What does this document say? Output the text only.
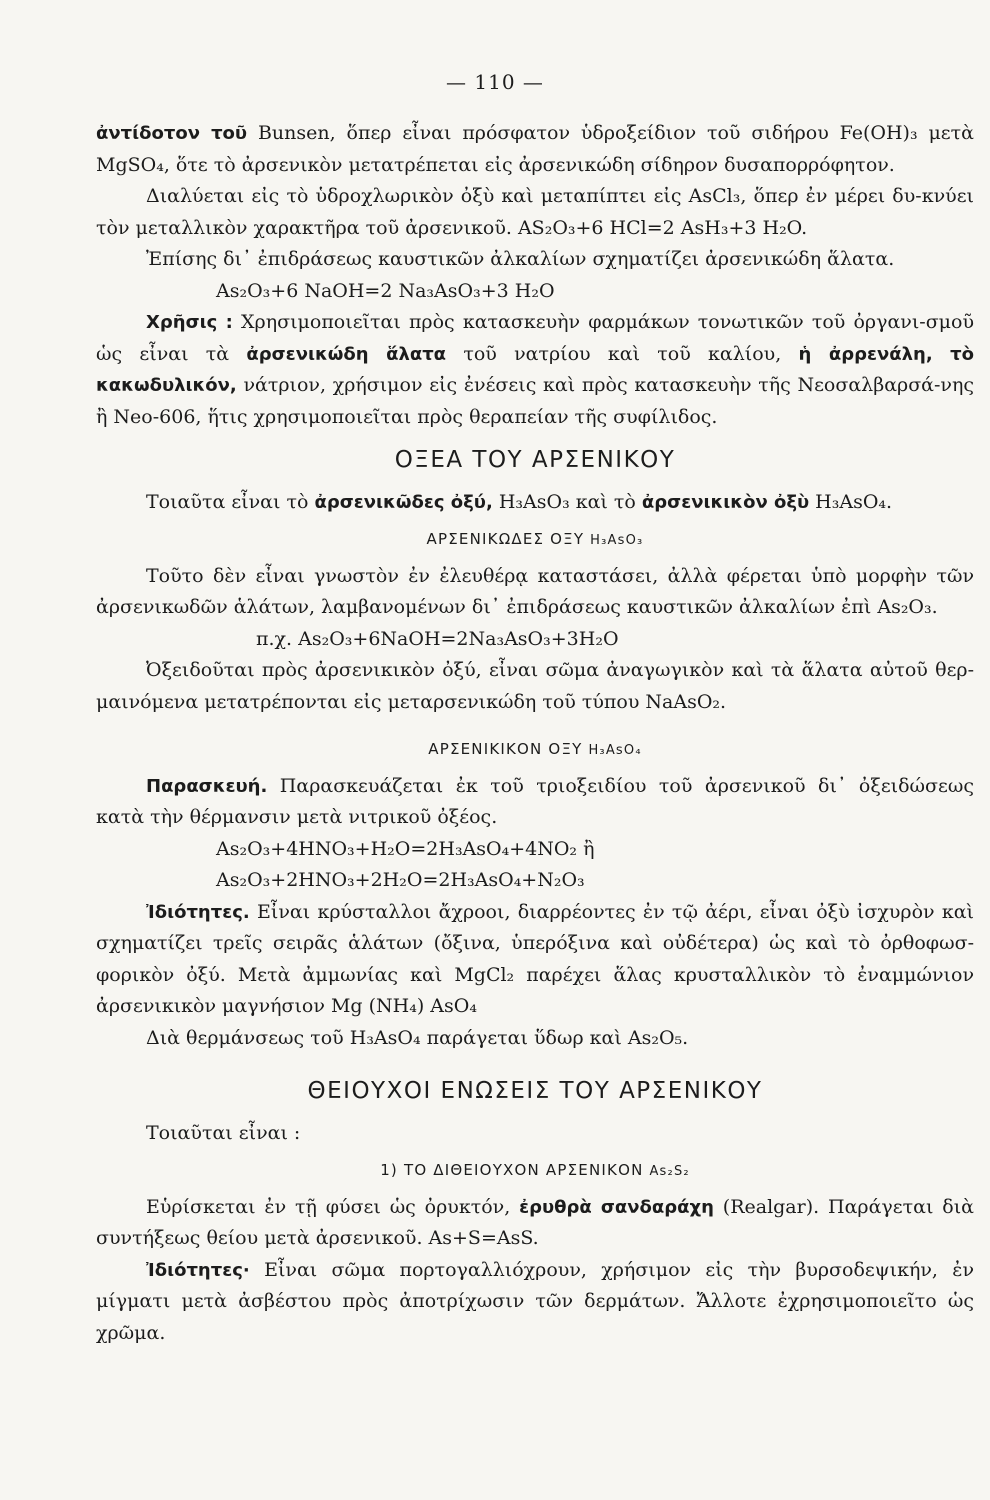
— 110 —

ἀντίδοτον τοῦ Bunsen, ὅπερ εἶναι πρόσφατον ὑδροξείδιον τοῦ σιδήρου Fe(OH)₃ μετὰ MgSO₄, ὅτε τὸ ἀρσενικὸν μετατρέπεται εἰς ἀρσενικώδη σίδηρον δυσαπορρόφητον.

Διαλύεται εἰς τὸ ὑδροχλωρικὸν ὀξὺ καὶ μεταπίπτει εἰς AsCl₃, ὅπερ ἐν μέρει δυ-κνύει τὸν μεταλλικὸν χαρακτῆρα τοῦ ἀρσενικοῦ. AS₂O₃+6 HCl=2 AsH₃+3 H₂O.

Ἐπίσης δι᾽ ἐπιδράσεως καυστικῶν ἀλκαλίων σχηματίζει ἀρσενικώδη ἅλατα.

As₂O₃+6 NaOH=2 Na₃AsO₃+3 H₂O

Χρῆσις : Χρησιμοποιεῖται πρὸς κατασκευὴν φαρμάκων τονωτικῶν τοῦ ὀργανι-σμοῦ ὡς εἶναι τὰ ἀρσενικώδη ἅλατα τοῦ νατρίου καὶ τοῦ καλίου, ἡ ἀρρενάλη, τὸ κακωδυλικόν, νάτριον, χρήσιμον εἰς ἐνέσεις καὶ πρὸς κατασκευὴν τῆς Νεοσαλβαρσά-νης ἢ Neo-606, ἥτις χρησιμοποιεῖται πρὸς θεραπείαν τῆς συφίλιδος.

ΟΞΕΑ ΤΟΥ ΑΡΣΕΝΙΚΟΥ

Τοιαῦτα εἶναι τὸ ἀρσενικῶδες ὀξύ, H₃AsO₃ καὶ τὸ ἀρσενικικὸν ὀξὺ H₃AsO₄.

ΑΡΣΕΝΙΚΩΔΕΣ ΟΞΥ H₃AsO₃

Τοῦτο δὲν εἶναι γνωστὸν ἐν ἐλευθέρᾳ καταστάσει, ἀλλὰ φέρεται ὑπὸ μορφὴν τῶν ἀρσενικωδῶν ἁλάτων, λαμβανομένων δι᾽ ἐπιδράσεως καυστικῶν ἀλκαλίων ἐπὶ As₂O₃.

π.χ. As₂O₃+6NaOH=2Na₃AsO₃+3H₂O

Ὀξειδοῦται πρὸς ἀρσενικικὸν ὀξύ, εἶναι σῶμα ἀναγωγικὸν καὶ τὰ ἅλατα αὐτοῦ θερ-μαινόμενα μετατρέπονται εἰς μεταρσενικώδη τοῦ τύπου NaAsO₂.

ΑΡΣΕΝΙΚΙΚΟΝ ΟΞΥ H₃AsO₄

Παρασκευή. Παρασκευάζεται ἐκ τοῦ τριοξειδίου τοῦ ἀρσενικοῦ δι᾽ ὀξειδώσεως κατὰ τὴν θέρμανσιν μετὰ νιτρικοῦ ὀξέος.

As₂O₃+4HNO₃+H₂O=2H₃AsO₄+4NO₂ ἢ

As₂O₃+2HNO₃+2H₂O=2H₃AsO₄+N₂O₃

Ἰδιότητες. Εἶναι κρύσταλλοι ἄχροοι, διαρρέοντες ἐν τῷ ἀέρι, εἶναι ὀξὺ ἰσχυρὸν καὶ σχηματίζει τρεῖς σειρᾶς ἁλάτων (ὄξινα, ὑπερόξινα καὶ οὐδέτερα) ὡς καὶ τὸ ὀρθοφωσ-φορικὸν ὀξύ. Μετὰ ἀμμωνίας καὶ MgCl₂ παρέχει ἅλας κρυσταλλικὸν τὸ ἐναμμώνιον ἀρσενικικὸν μαγνήσιον Mg (NH₄) AsO₄

Διὰ θερμάνσεως τοῦ H₃AsO₄ παράγεται ὕδωρ καὶ As₂O₅.

ΘΕΙΟΥΧΟΙ ΕΝΩΣΕΙΣ ΤΟΥ ΑΡΣΕΝΙΚΟΥ

Τοιαῦται εἶναι :

1) ΤΟ ΔΙΘΕΙΟΥΧΟΝ ΑΡΣΕΝΙΚΟΝ As₂S₂

Εὑρίσκεται ἐν τῇ φύσει ὡς ὀρυκτόν, ἐρυθρὰ σανδαράχη (Realgar). Παράγεται διὰ συντήξεως θείου μετὰ ἀρσενικοῦ. As+S=AsS.

Ἰδιότητες· Εἶναι σῶμα πορτογαλλιόχρουν, χρήσιμον εἰς τὴν βυρσοδεψικήν, ἐν μίγματι μετὰ ἀσβέστου πρὸς ἀποτρίχωσιν τῶν δερμάτων. Ἄλλοτε ἐχρησιμοποιεῖτο ὡς χρῶμα.
